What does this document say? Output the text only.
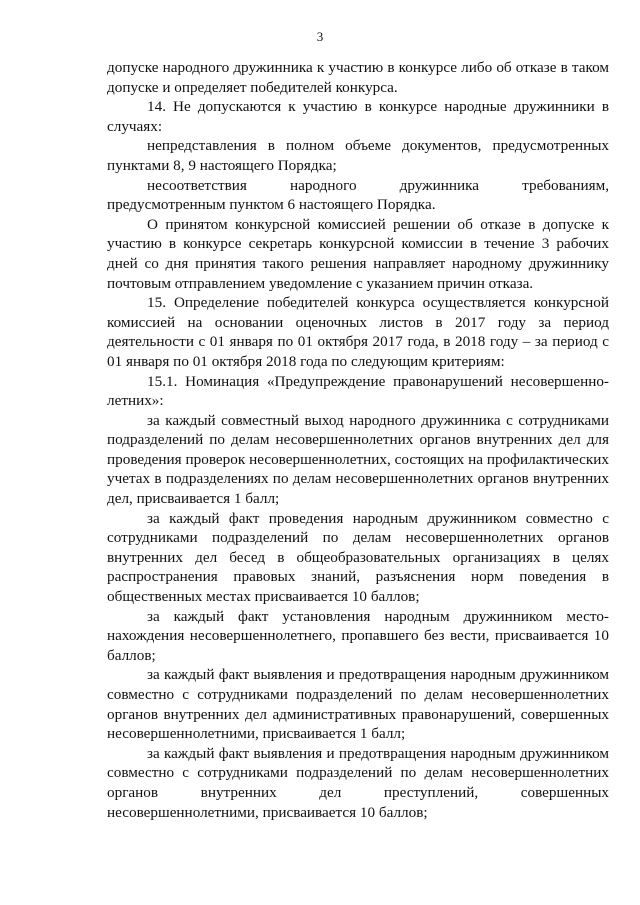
3

допуске народного дружинника к участию в конкурсе либо об отказе в таком допуске и определяет победителей конкурса.

14. Не допускаются к участию в конкурсе народные дружинники в случаях:

непредставления в полном объеме документов, предусмотренных пунктами 8, 9 настоящего Порядка;

несоответствия народного дружинника требованиям, предусмотренным пунктом 6 настоящего Порядка.

О принятом конкурсной комиссией решении об отказе в допуске к участию в конкурсе секретарь конкурсной комиссии в течение 3 рабочих дней со дня принятия такого решения направляет народному дружиннику почтовым отправлением уведомление с указанием причин отказа.

15. Определение победителей конкурса осуществляется конкурсной комиссией на основании оценочных листов в 2017 году за период деятельности с 01 января по 01 октября 2017 года, в 2018 году – за период с 01 января по 01 октября 2018 года по следующим критериям:

15.1. Номинация «Предупреждение правонарушений несовершенно-летних»:

за каждый совместный выход народного дружинника с сотрудниками подразделений по делам несовершеннолетних органов внутренних дел для проведения проверок несовершеннолетних, состоящих на профилактических учетах в подразделениях по делам несовершеннолетних органов внутренних дел, присваивается 1 балл;

за каждый факт проведения народным дружинником совместно с сотрудниками подразделений по делам несовершеннолетних органов внутренних дел бесед в общеобразовательных организациях в целях распространения правовых знаний, разъяснения норм поведения в общественных местах присваивается 10 баллов;

за каждый факт установления народным дружинником место-нахождения несовершеннолетнего, пропавшего без вести, присваивается 10 баллов;

за каждый факт выявления и предотвращения народным дружинником совместно с сотрудниками подразделений по делам несовершеннолетних органов внутренних дел административных правонарушений, совершенных несовершеннолетними, присваивается 1 балл;

за каждый факт выявления и предотвращения народным дружинником совместно с сотрудниками подразделений по делам несовершеннолетних органов внутренних дел преступлений, совершенных несовершеннолетними, присваивается 10 баллов;
